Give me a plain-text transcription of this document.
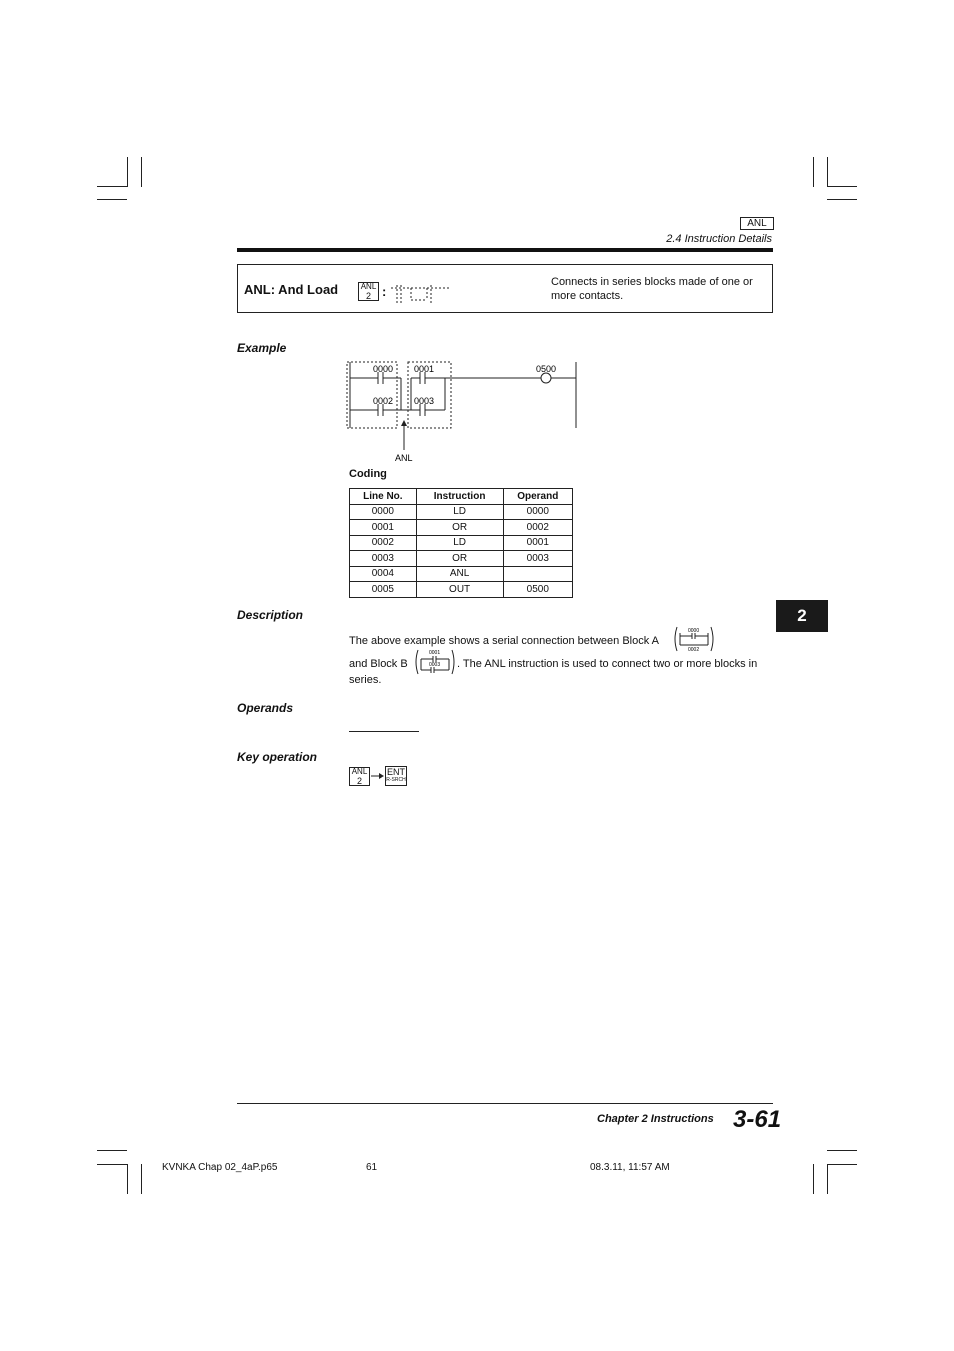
ANL
2.4 Instruction Details
ANL: And Load	ANL
2 :
Connects in series blocks made of one or more contacts.
Example
0000 0001
0002 0003
0500
ANL
Coding
Line No.	Instruction	Operand
0000	LD	0000
0001	OR	0002
0002	LD	0001
0003	OR	0003
0004	ANL	
0005	OUT	0500
Description
The above example shows a serial connection between Block A
0000
0002
and Block B
0001
0003 . The ANL instruction is used to connect two or more blocks in
series.
Operands
Key operation
ANL
2
ENT
R-SRCH
2
Chapter 2 Instructions 3-61
KVNKA Chap 02_4aP.p65	61	08.3.11, 11:57 AM
